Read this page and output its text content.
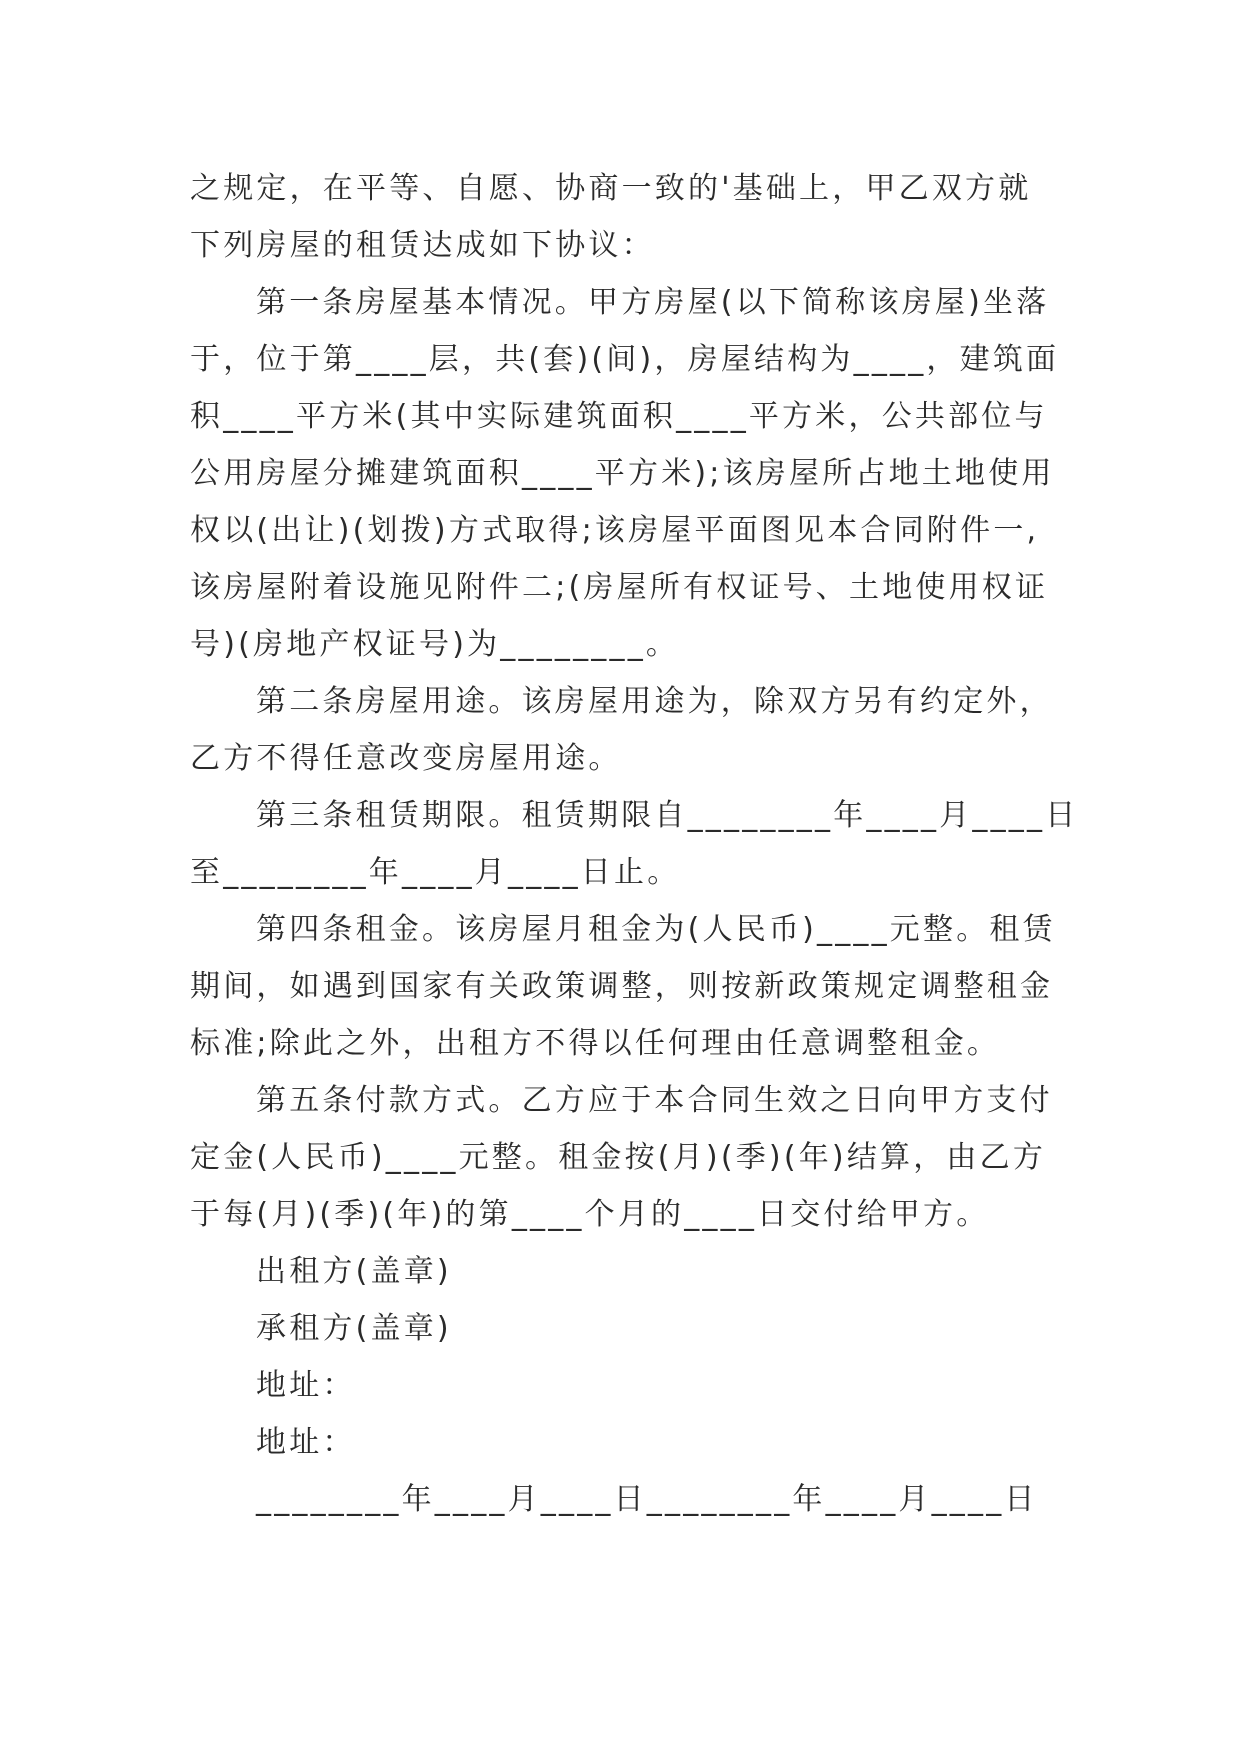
之规定，在平等、自愿、协商一致的'基础上，甲乙双方就
下列房屋的租赁达成如下协议：
第一条房屋基本情况。甲方房屋(以下简称该房屋)坐落
于，位于第____层，共(套)(间)，房屋结构为____，建筑面
积____平方米(其中实际建筑面积____平方米，公共部位与
公用房屋分摊建筑面积____平方米);该房屋所占地土地使用
权以(出让)(划拨)方式取得;该房屋平面图见本合同附件一,
该房屋附着设施见附件二;(房屋所有权证号、土地使用权证
号)(房地产权证号)为________。
第二条房屋用途。该房屋用途为，除双方另有约定外，
乙方不得任意改变房屋用途。
第三条租赁期限。租赁期限自________年____月____日
至________年____月____日止。
第四条租金。该房屋月租金为(人民币)____元整。租赁
期间，如遇到国家有关政策调整，则按新政策规定调整租金
标准;除此之外，出租方不得以任何理由任意调整租金。
第五条付款方式。乙方应于本合同生效之日向甲方支付
定金(人民币)____元整。租金按(月)(季)(年)结算，由乙方
于每(月)(季)(年)的第____个月的____日交付给甲方。

出租方(盖章)

承租方(盖章)

地址：

地址：

________年____月____日________年____月____日
